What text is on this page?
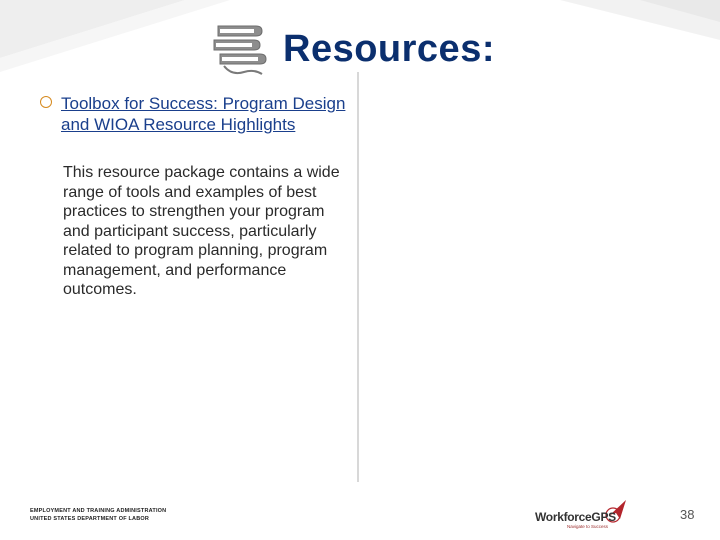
Resources:
Toolbox for Success: Program Design and WIOA Resource Highlights
This resource package contains a wide range of tools and examples of best practices to strengthen your program and participant success, particularly related to program planning, program management, and performance outcomes.
EMPLOYMENT AND TRAINING ADMINISTRATION
UNITED STATES DEPARTMENT OF LABOR	WorkforceGPS
Navigate to Success
38
